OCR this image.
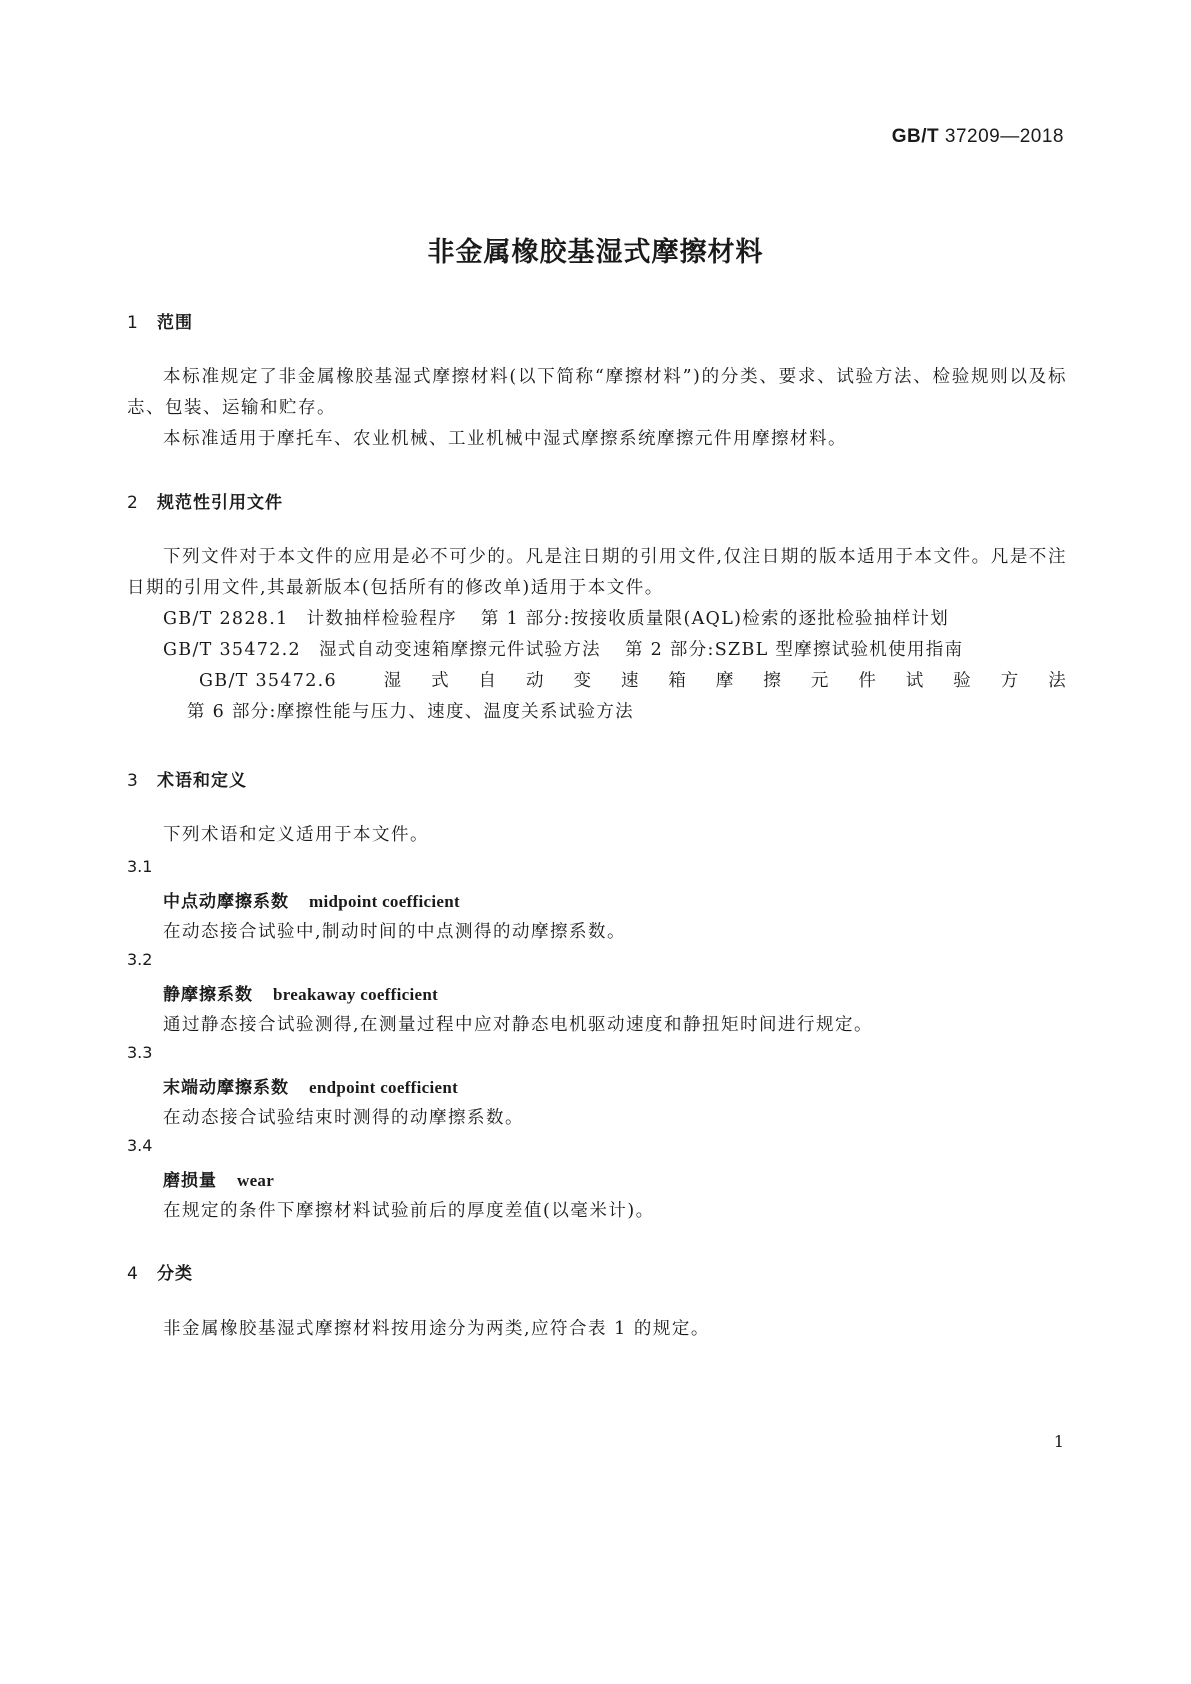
GB/T 37209—2018
非金属橡胶基湿式摩擦材料
1 范围
本标准规定了非金属橡胶基湿式摩擦材料(以下简称“摩擦材料”)的分类、要求、试验方法、检验规则以及标志、包装、运输和贮存。
本标准适用于摩托车、农业机械、工业机械中湿式摩擦系统摩擦元件用摩擦材料。
2 规范性引用文件
下列文件对于本文件的应用是必不可少的。凡是注日期的引用文件,仅注日期的版本适用于本文件。凡是不注日期的引用文件,其最新版本(包括所有的修改单)适用于本文件。
GB/T 2828.1 计数抽样检验程序 第 1 部分:按接收质量限(AQL)检索的逐批检验抽样计划
GB/T 35472.2 湿式自动变速箱摩擦元件试验方法 第 2 部分:SZBL 型摩擦试验机使用指南
GB/T 35472.6 湿式自动变速箱摩擦元件试验方法第 6 部分:摩擦性能与压力、速度、温度关系试验方法
3 术语和定义
下列术语和定义适用于本文件。
3.1
中点动摩擦系数 midpoint coefficient
在动态接合试验中,制动时间的中点测得的动摩擦系数。
3.2
静摩擦系数 breakaway coefficient
通过静态接合试验测得,在测量过程中应对静态电机驱动速度和静扭矩时间进行规定。
3.3
末端动摩擦系数 endpoint coefficient
在动态接合试验结束时测得的动摩擦系数。
3.4
磨损量 wear
在规定的条件下摩擦材料试验前后的厚度差值(以毫米计)。
4 分类
非金属橡胶基湿式摩擦材料按用途分为两类,应符合表 1 的规定。
1
